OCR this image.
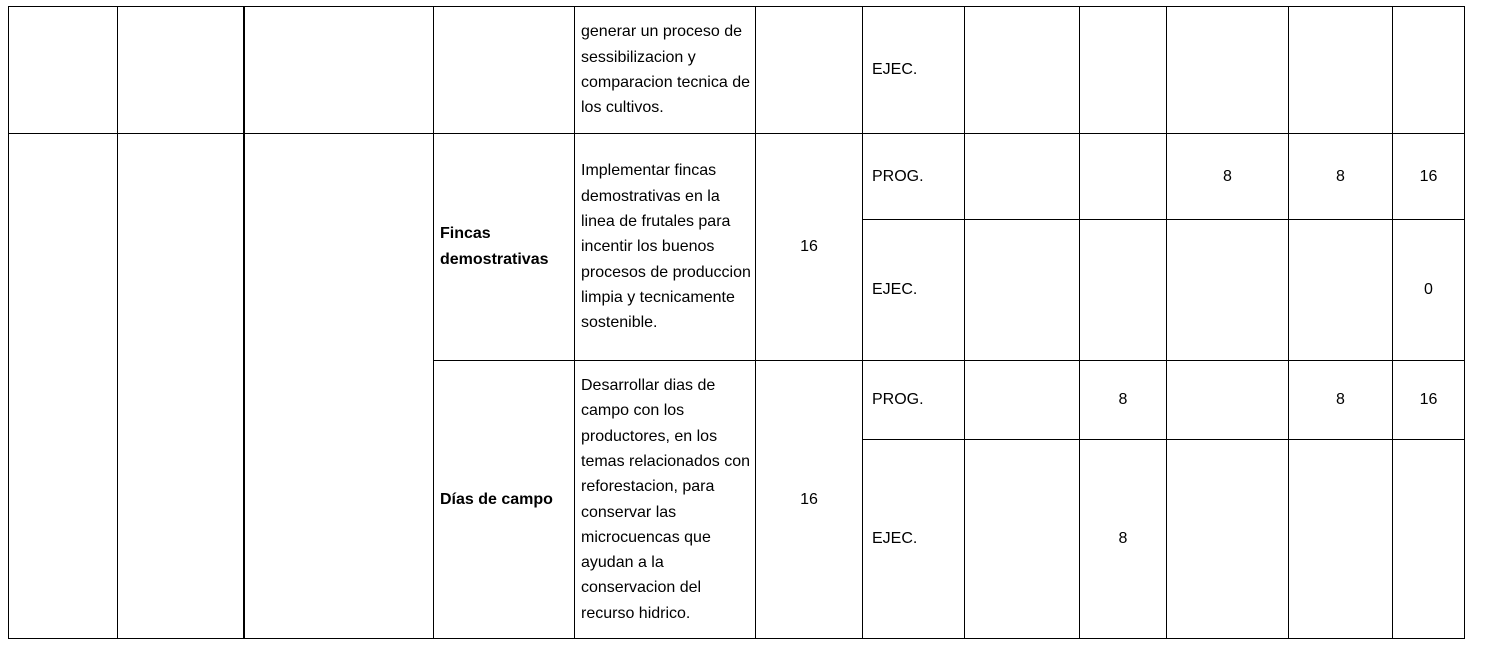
				generar un proceso de sessibilizacion y comparacion tecnica de los cultivos.		EJEC.					
			Fincas demostrativas	Implementar fincas demostrativas en la linea de frutales para incentir los buenos procesos de produccion limpia y tecnicamente sostenible.	16	PROG.			8	8	16
						EJEC.					0
			Días de campo	Desarrollar dias de campo con los productores, en los temas relacionados con reforestacion, para conservar las microcuencas que ayudan a la conservacion del recurso hidrico.	16	PROG.		8		8	16
						EJEC.		8			
